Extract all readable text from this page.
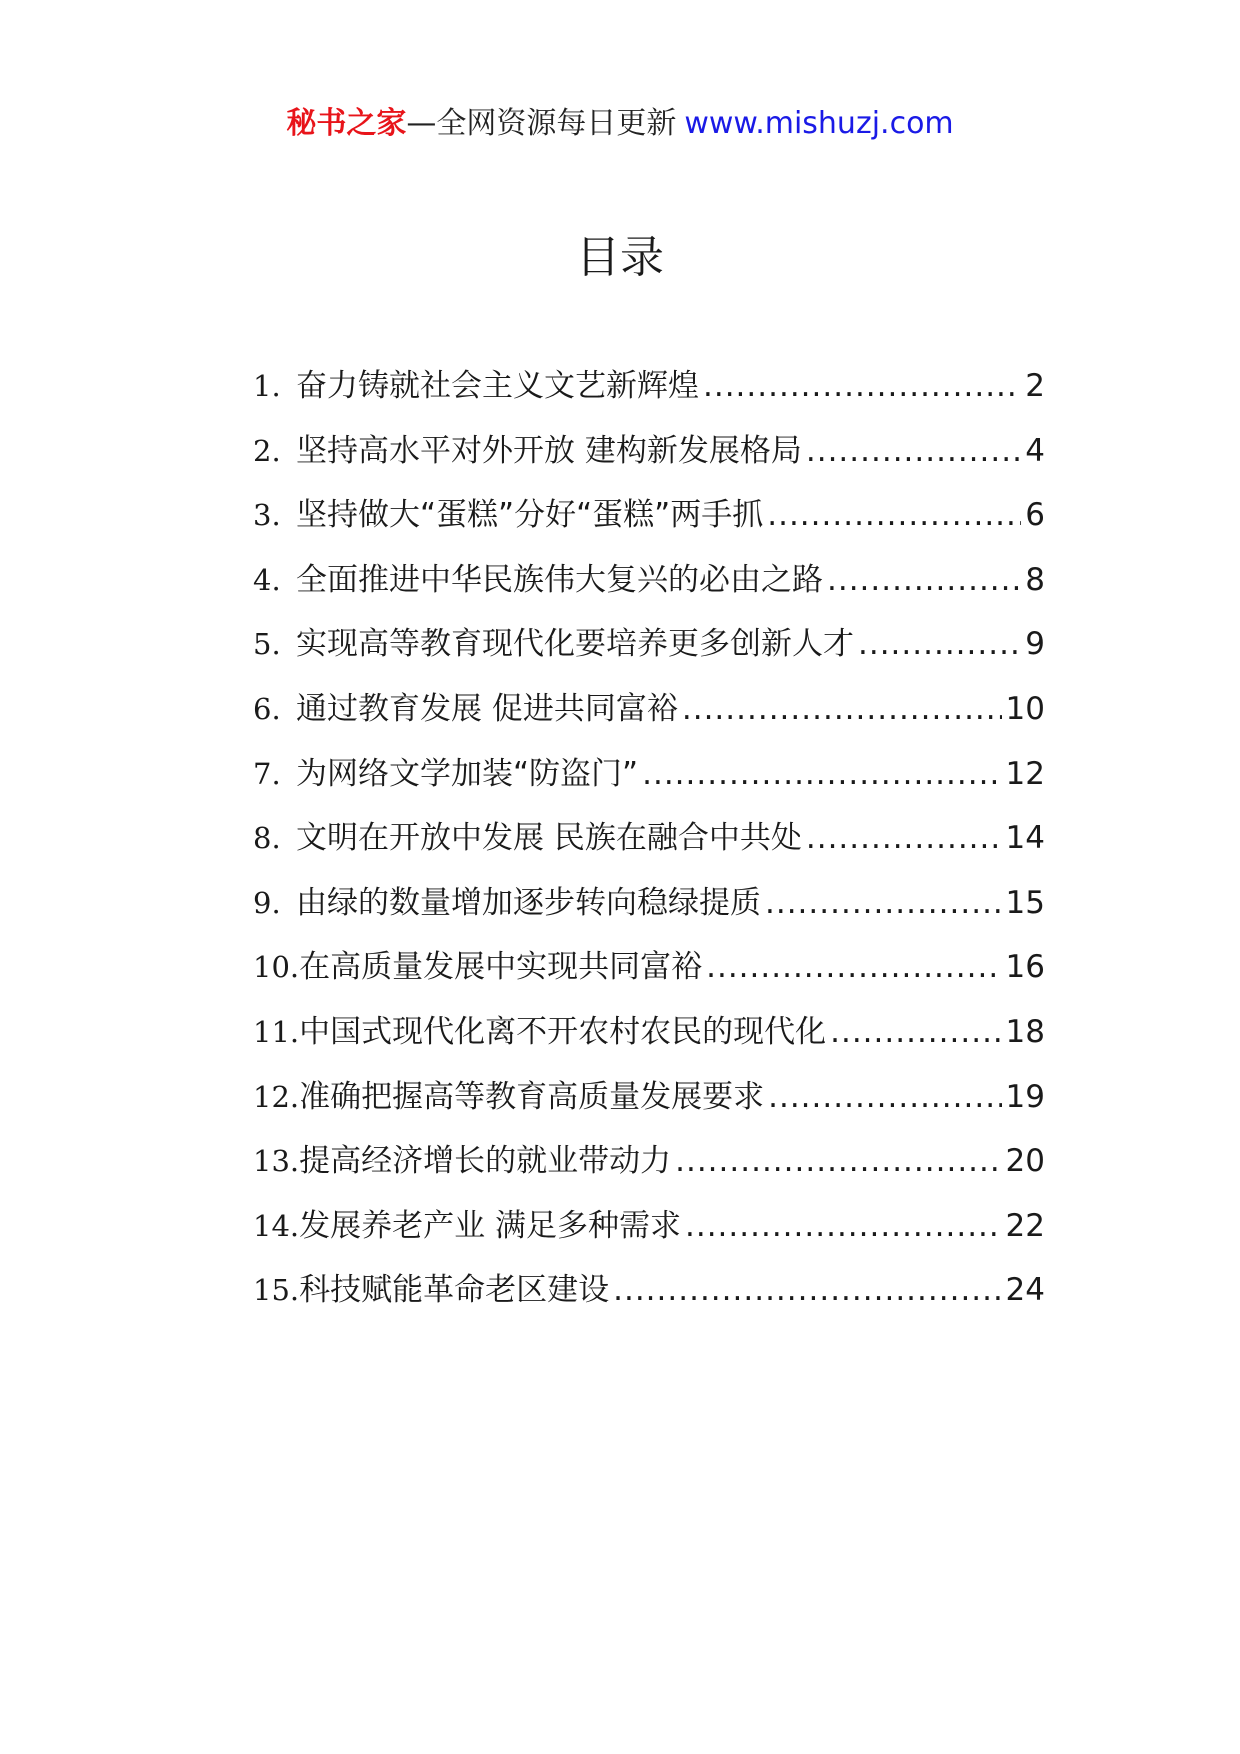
秘书之家—全网资源每日更新 www.mishuzj.com
目录
1. 奋力铸就社会主义文艺新辉煌 .....	2
2. 坚持高水平对外开放 建构新发展格局 .....	4
3. 坚持做大“蛋糕”分好“蛋糕”两手抓 .....	6
4. 全面推进中华民族伟大复兴的必由之路 .....	8
5. 实现高等教育现代化要培养更多创新人才 .....	9
6. 通过教育发展 促进共同富裕 .....	10
7. 为网络文学加装“防盗门” .....	12
8. 文明在开放中发展 民族在融合中共处 .....	14
9. 由绿的数量增加逐步转向稳绿提质 .....	15
10. 在高质量发展中实现共同富裕 .....	16
11. 中国式现代化离不开农村农民的现代化 .....	18
12. 准确把握高等教育高质量发展要求 .....	19
13. 提高经济增长的就业带动力 .....	20
14. 发展养老产业 满足多种需求 .....	22
15. 科技赋能革命老区建设 .....	24
